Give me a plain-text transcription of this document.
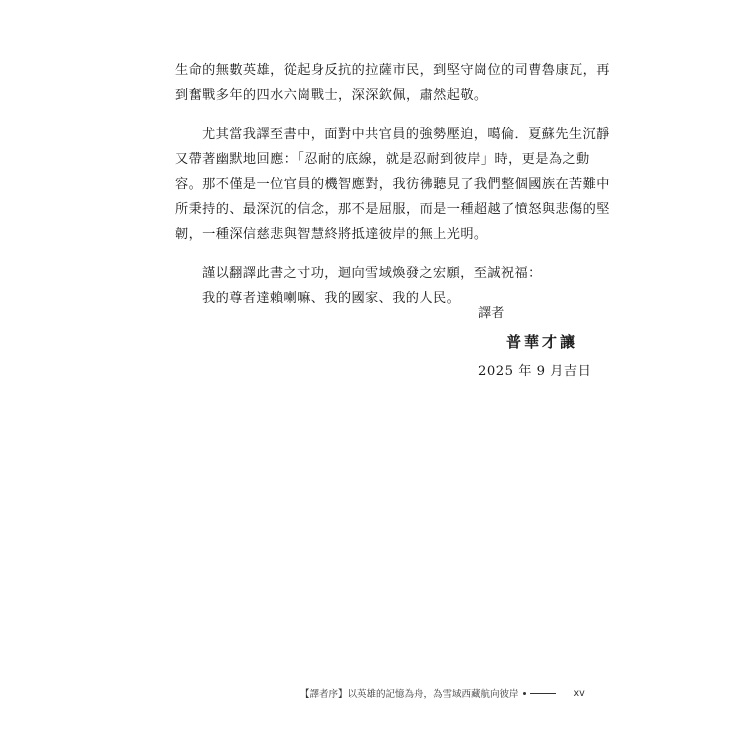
生命的無數英雄，從起身反抗的拉薩市民，到堅守崗位的司曹魯康瓦，再
到奮戰多年的四水六崗戰士，深深欽佩，肅然起敬。

尤其當我譯至書中，面對中共官員的強勢壓迫，噶倫．夏蘇先生沉靜
又帶著幽默地回應：「忍耐的底線，就是忍耐到彼岸」時，更是為之動
容。那不僅是一位官員的機智應對，我彷彿聽見了我們整個國族在苦難中
所秉持的、最深沉的信念，那不是屈服，而是一種超越了憤怒與悲傷的堅
韌，一種深信慈悲與智慧終將抵達彼岸的無上光明。

謹以翻譯此書之寸功，迴向雪域煥發之宏願，至誠祝福：
我的尊者達賴喇嘛、我的國家、我的人民。

譯者
普華才讓
2025 年 9 月吉日
【譯者序】以英雄的記憶為舟，為雪域西藏航向彼岸	xv
